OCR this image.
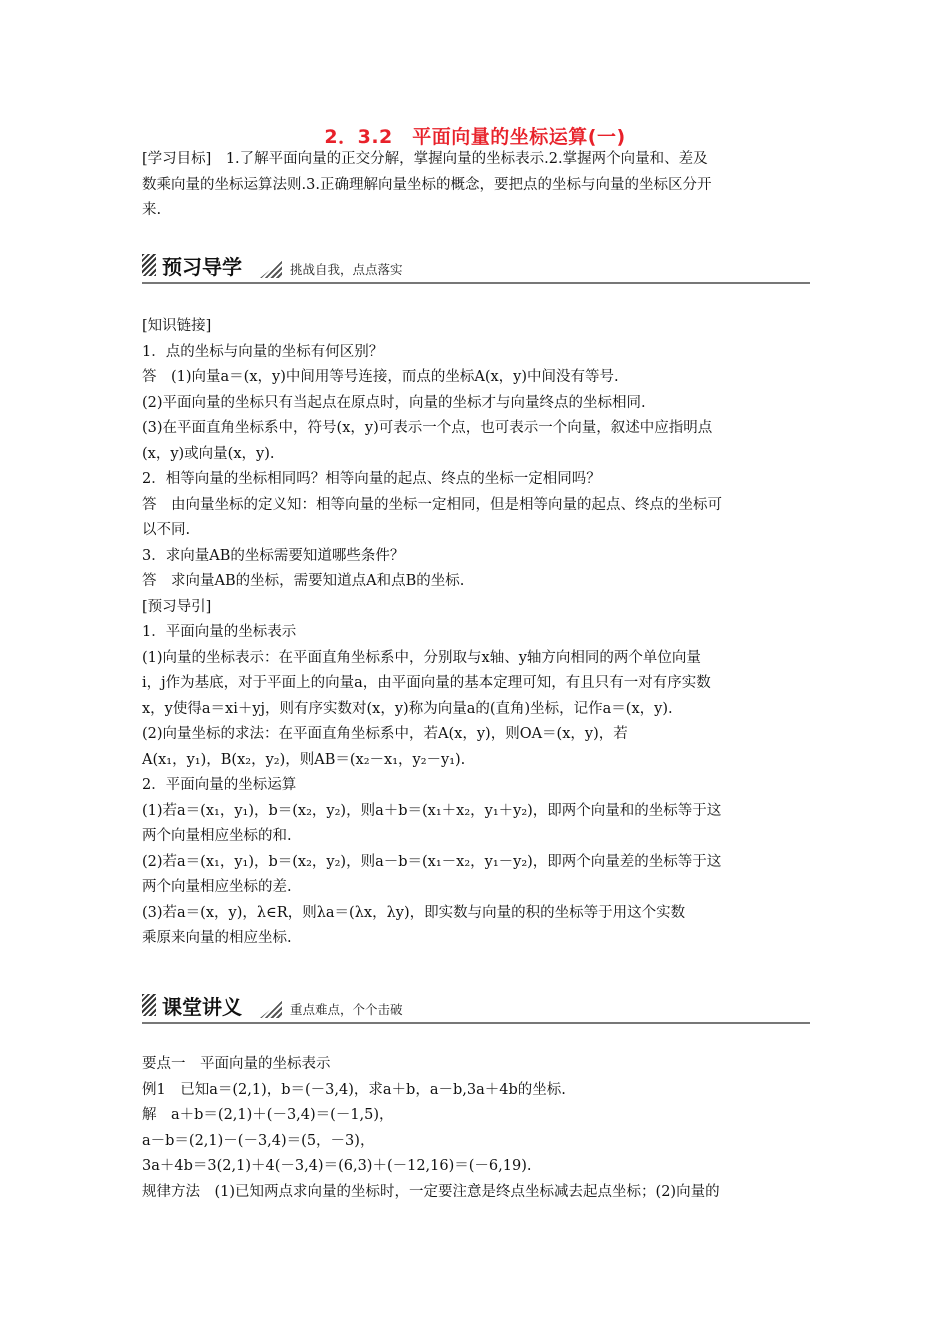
2．3.2　平面向量的坐标运算(一)

[学习目标]　1.了解平面向量的正交分解，掌握向量的坐标表示.2.掌握两个向量和、差及

数乘向量的坐标运算法则.3.正确理解向量坐标的概念，要把点的坐标与向量的坐标区分开

来.

预习导学	挑战自我，点点落实

[知识链接]

1．点的坐标与向量的坐标有何区别？

答　(1)向量a＝(x，y)中间用等号连接，而点的坐标A(x，y)中间没有等号.

(2)平面向量的坐标只有当起点在原点时，向量的坐标才与向量终点的坐标相同.

(3)在平面直角坐标系中，符号(x，y)可表示一个点，也可表示一个向量，叙述中应指明点

(x，y)或向量(x，y).

2．相等向量的坐标相同吗？相等向量的起点、终点的坐标一定相同吗？

答　由向量坐标的定义知：相等向量的坐标一定相同，但是相等向量的起点、终点的坐标可

以不同.

3．求向量AB的坐标需要知道哪些条件？

答　求向量AB的坐标，需要知道点A和点B的坐标.

[预习导引]

1．平面向量的坐标表示

(1)向量的坐标表示：在平面直角坐标系中，分别取与x轴、y轴方向相同的两个单位向量

i，j作为基底，对于平面上的向量a，由平面向量的基本定理可知，有且只有一对有序实数

x，y使得a＝xi＋yj，则有序实数对(x，y)称为向量a的(直角)坐标，记作a＝(x，y).

(2)向量坐标的求法：在平面直角坐标系中，若A(x，y)，则OA＝(x，y)，若

A(x₁，y₁)，B(x₂，y₂)，则AB＝(x₂－x₁，y₂－y₁).

2．平面向量的坐标运算

(1)若a＝(x₁，y₁)，b＝(x₂，y₂)，则a＋b＝(x₁＋x₂，y₁＋y₂)，即两个向量和的坐标等于这

两个向量相应坐标的和.

(2)若a＝(x₁，y₁)，b＝(x₂，y₂)，则a－b＝(x₁－x₂，y₁－y₂)，即两个向量差的坐标等于这

两个向量相应坐标的差.

(3)若a＝(x，y)，λ∈R，则λa＝(λx，λy)，即实数与向量的积的坐标等于用这个实数

乘原来向量的相应坐标.

课堂讲义	重点难点，个个击破

要点一　平面向量的坐标表示

例1　已知a＝(2,1)，b＝(－3,4)，求a＋b，a－b,3a＋4b的坐标.

解　a＋b＝(2,1)＋(－3,4)＝(－1,5)，

a－b＝(2,1)－(－3,4)＝(5，－3)，

3a＋4b＝3(2,1)＋4(－3,4)＝(6,3)＋(－12,16)＝(－6,19).

规律方法　(1)已知两点求向量的坐标时，一定要注意是终点坐标减去起点坐标；(2)向量的
